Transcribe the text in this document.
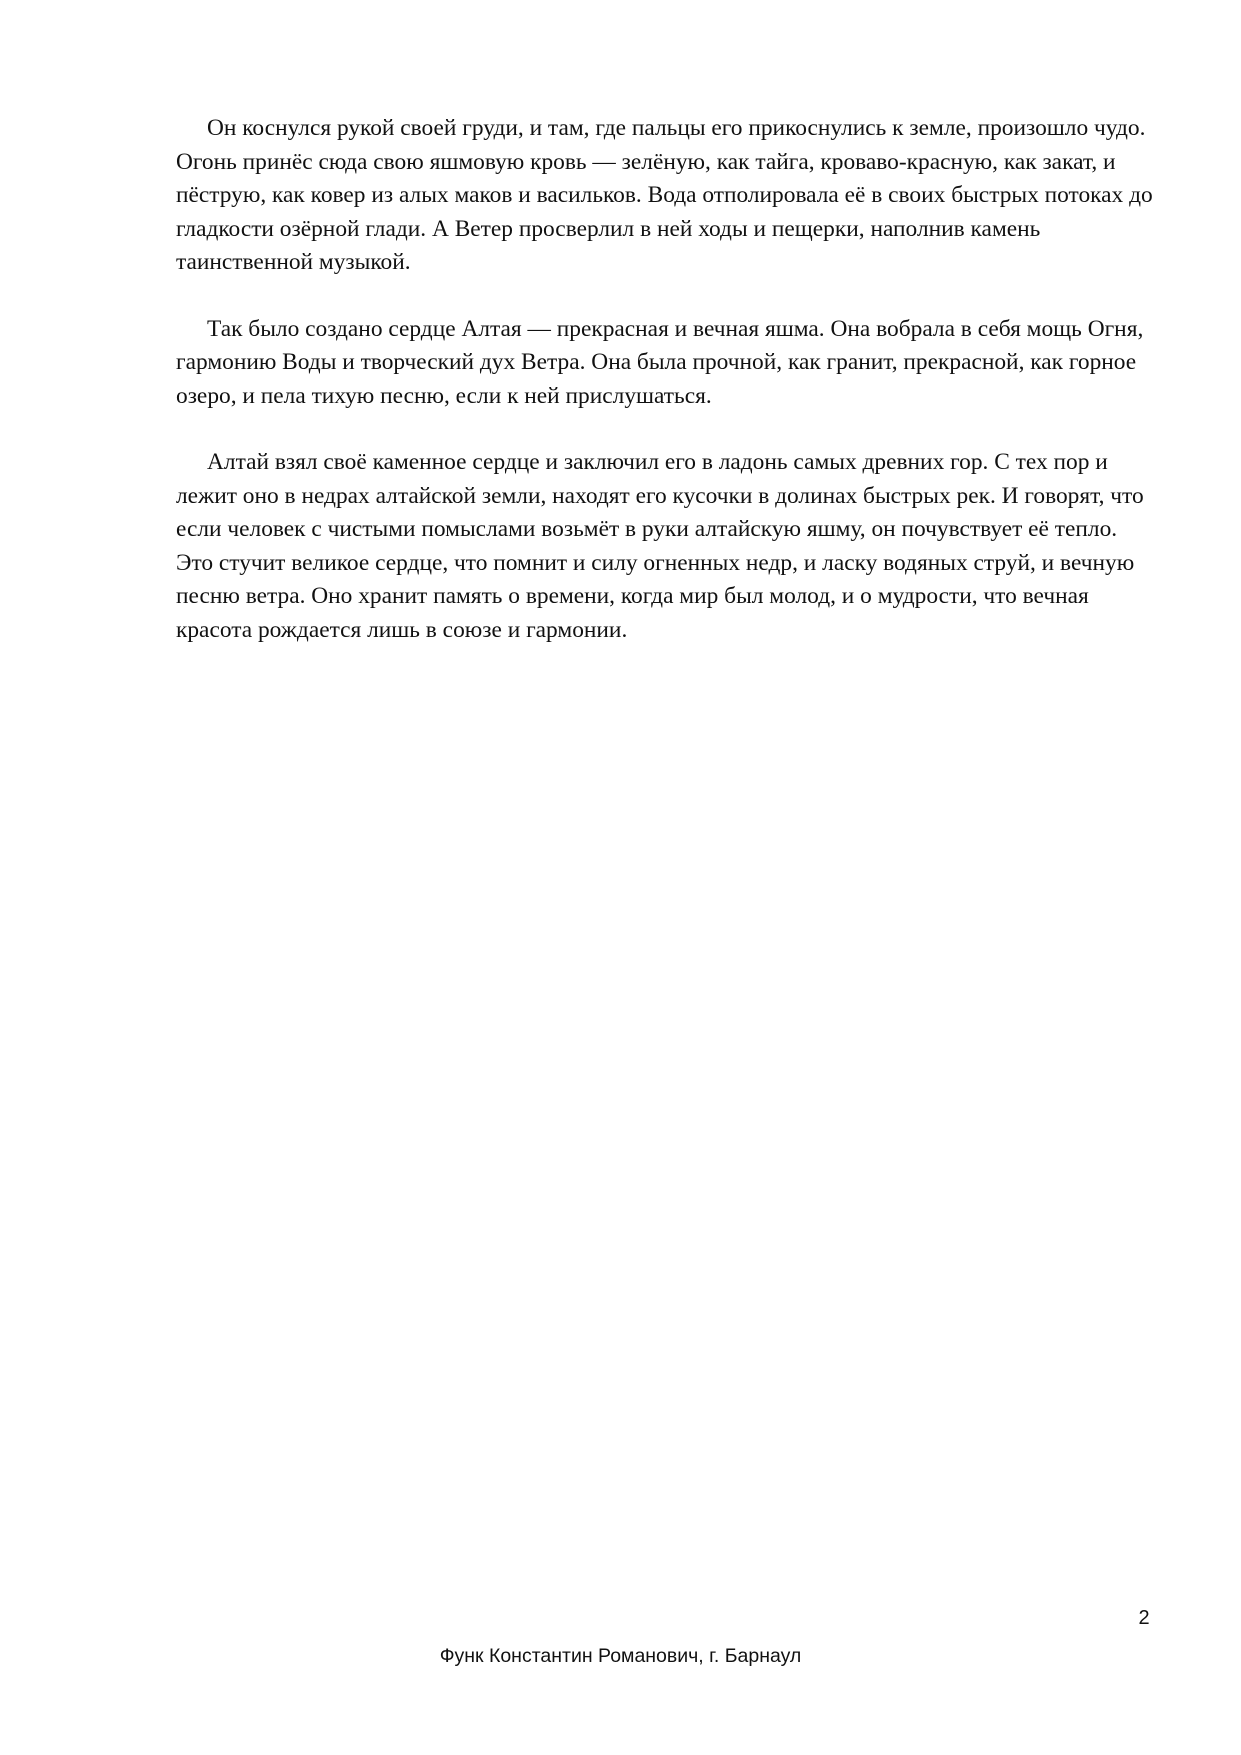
Он коснулся рукой своей груди, и там, где пальцы его прикоснулись к земле, произошло чудо. Огонь принёс сюда свою яшмовую кровь — зелёную, как тайга, кроваво-красную, как закат, и пёструю, как ковер из алых маков и васильков. Вода отполировала её в своих быстрых потоках до гладкости озёрной глади. А Ветер просверлил в ней ходы и пещерки, наполнив камень таинственной музыкой.

Так было создано сердце Алтая — прекрасная и вечная яшма. Она вобрала в себя мощь Огня, гармонию Воды и творческий дух Ветра. Она была прочной, как гранит, прекрасной, как горное озеро, и пела тихую песню, если к ней прислушаться.

Алтай взял своё каменное сердце и заключил его в ладонь самых древних гор. С тех пор и лежит оно в недрах алтайской земли, находят его кусочки в долинах быстрых рек. И говорят, что если человек с чистыми помыслами возьмёт в руки алтайскую яшму, он почувствует её тепло. Это стучит великое сердце, что помнит и силу огненных недр, и ласку водяных струй, и вечную песню ветра. Оно хранит память о времени, когда мир был молод, и о мудрости, что вечная красота рождается лишь в союзе и гармонии.

2
Функ Константин Романович, г. Барнаул
